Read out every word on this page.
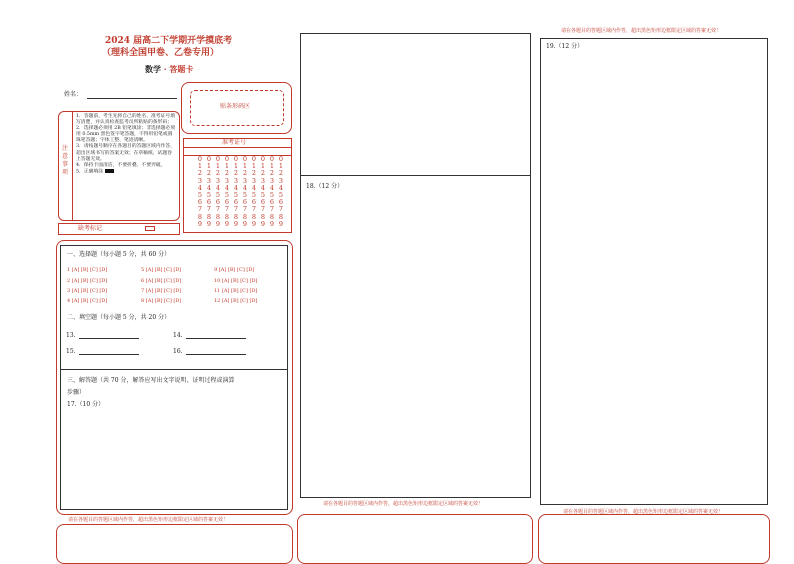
2024 届高二下学期开学摸底考
（理科全国甲卷、乙卷专用）
数学 · 答题卡
姓名：
贴条形码区
注意事项
1．答题前，考生先将自己的姓名、准考证号填写清楚，并认真检查监考员所粘贴的条形码；
2．选择题必须用 2B 铅笔填涂；非选择题必须用 0.5mm 黑色签字笔答题，不得用铅笔或圆珠笔答题；字体工整、笔迹清晰。
3．请按题号顺序在各题目的答题区域内作答，超出区域书写的答案无效；在草稿纸、试题卷上答题无效。
4．保持卡面清洁，不要折叠、不要弄破。
5．正确填涂
准考证号
0
1
2
3
4
5
6
7
8
9
0
1
2
3
4
5
6
7
8
9
0
1
2
3
4
5
6
7
8
9
0
1
2
3
4
5
6
7
8
9
0
1
2
3
4
5
6
7
8
9
0
1
2
3
4
5
6
7
8
9
0
1
2
3
4
5
6
7
8
9
0
1
2
3
4
5
6
7
8
9
0
1
2
3
4
5
6
7
8
9
0
1
2
3
4
5
6
7
8
9
缺考标记
一、选择题（每小题 5 分，共 60 分）
1 [A] [B] [C] [D]
2 [A] [B] [C] [D]
3 [A] [B] [C] [D]
4 [A] [B] [C] [D]
5 [A] [B] [C] [D]
6 [A] [B] [C] [D]
7 [A] [B] [C] [D]
8 [A] [B] [C] [D]
9 [A] [B] [C] [D]
10 [A] [B] [C] [D]
11 [A] [B] [C] [D]
12 [A] [B] [C] [D]
二、填空题（每小题 5 分，共 20 分）
13.	14.
15.	16.
三、解答题（共 70 分，解答应写出文字说明、证明过程或演算
步骤）
17.（10 分）
请在各题目的答题区域内作答，超出黑色矩形边框限定区域的答案无效！
18.（12 分）
请在各题目的答题区域内作答，超出黑色矩形边框限定区域的答案无效！
请在各题目的答题区域内作答，超出黑色矩形边框限定区域的答案无效！
19.（12 分）
请在各题目的答题区域内作答，超出黑色矩形边框限定区域的答案无效！
